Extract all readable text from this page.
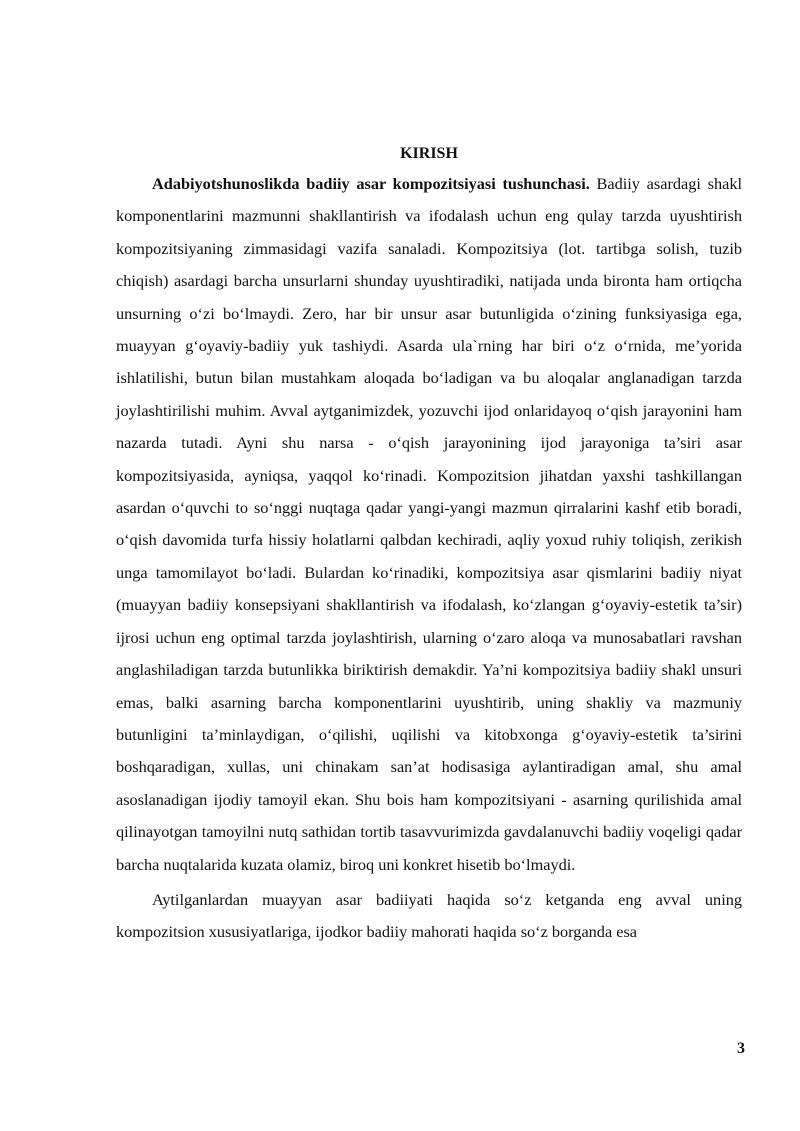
KIRISH

Adabiyotshunoslikda badiiy asar kompozitsiyasi tushunchasi. Badiiy asardagi shakl komponentlarini mazmunni shakllantirish va ifodalash uchun eng qulay tarzda uyushtirish kompozitsiyaning zimmasidagi vazifa sanaladi. Kompozitsiya (lot. tartibga solish, tuzib chiqish) asardagi barcha unsurlarni shunday uyushtiradiki, natijada unda bironta ham ortiqcha unsurning o‘zi bo‘lmaydi. Zero, har bir unsur asar butunligida o‘zining funksiyasiga ega, muayyan g‘oyaviy-badiiy yuk tashiydi. Asarda ula`rning har biri o‘z o‘rnida, me’yorida ishlatilishi, butun bilan mustahkam aloqada bo‘ladigan va bu aloqalar anglanadigan tarzda joylashtirilishi muhim. Avval aytganimizdek, yozuvchi ijod onlaridayoq o‘qish jarayonini ham nazarda tutadi. Ayni shu narsa - o‘qish jarayonining ijod jarayoniga ta’siri asar kompozitsiyasida, ayniqsa, yaqqol ko‘rinadi. Kompozitsion jihatdan yaxshi tashkillangan asardan o‘quvchi to so‘nggi nuqtaga qadar yangi-yangi mazmun qirralarini kashf etib boradi, o‘qish davomida turfa hissiy holatlarni qalbdan kechiradi, aqliy yoxud ruhiy toliqish, zerikish unga tamomilayot bo‘ladi. Bulardan ko‘rinadiki, kompozitsiya asar qismlarini badiiy niyat (muayyan badiiy konsepsiyani shakllantirish va ifodalash, ko‘zlangan g‘oyaviy-estetik ta’sir) ijrosi uchun eng optimal tarzda joylashtirish, ularning o‘zaro aloqa va munosabatlari ravshan anglashiladigan tarzda butunlikka biriktirish demakdir. Ya’ni kompozitsiya badiiy shakl unsuri emas, balki asarning barcha komponentlarini uyushtirib, uning shakliy va mazmuniy butunligini ta’minlaydigan, o‘qilishi, uqilishi va kitobxonga g‘oyaviy-estetik ta’sirini boshqaradigan, xullas, uni chinakam san’at hodisasiga aylantiradigan amal, shu amal asoslanadigan ijodiy tamoyil ekan. Shu bois ham kompozitsiyani - asarning qurilishida amal qilinayotgan tamoyilni nutq sathidan tortib tasavvurimizda gavdalanuvchi badiiy voqeligi qadar barcha nuqtalarida kuzata olamiz, biroq uni konkret hisetib bo‘lmaydi.

Aytilganlardan muayyan asar badiiyati haqida so‘z ketganda eng avval uning kompozitsion xususiyatlariga, ijodkor badiiy mahorati haqida so‘z borganda esa

3
